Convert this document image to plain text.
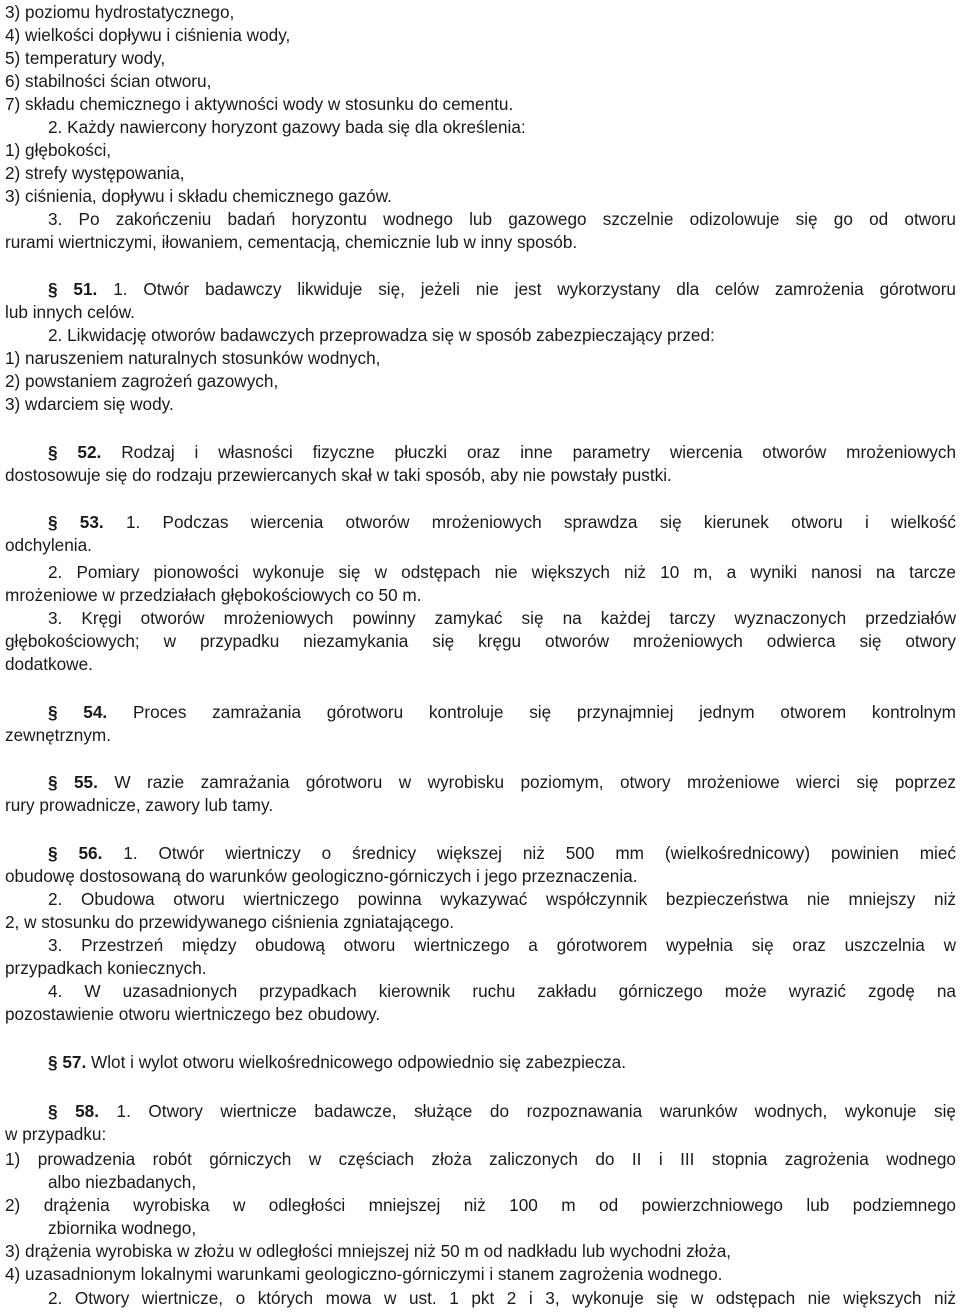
3) poziomu hydrostatycznego,
4) wielkości dopływu i ciśnienia wody,
5) temperatury wody,
6) stabilności ścian otworu,
7) składu chemicznego i aktywności wody w stosunku do cementu.
2. Każdy nawiercony horyzont gazowy bada się dla określenia:
1) głębokości,
2) strefy występowania,
3) ciśnienia, dopływu i składu chemicznego gazów.
3. Po zakończeniu badań horyzontu wodnego lub gazowego szczelnie odizolowuje się go od otworu
rurami wiertniczymi, iłowaniem, cementacją, chemicznie lub w inny sposób.
§ 51. 1. Otwór badawczy likwiduje się, jeżeli nie jest wykorzystany dla celów zamrożenia górotworu
lub innych celów.
2. Likwidację otworów badawczych przeprowadza się w sposób zabezpieczający przed:
1) naruszeniem naturalnych stosunków wodnych,
2) powstaniem zagrożeń gazowych,
3) wdarciem się wody.
§ 52. Rodzaj i własności fizyczne płuczki oraz inne parametry wiercenia otworów mrożeniowych
dostosowuje się do rodzaju przewiercanych skał w taki sposób, aby nie powstały pustki.
§ 53. 1. Podczas wiercenia otworów mrożeniowych sprawdza się kierunek otworu i wielkość
odchylenia.
2. Pomiary pionowości wykonuje się w odstępach nie większych niż 10 m, a wyniki nanosi na tarcze
mrożeniowe w przedziałach głębokościowych co 50 m.
3. Kręgi otworów mrożeniowych powinny zamykać się na każdej tarczy wyznaczonych przedziałów
głębokościowych; w przypadku niezamykania się kręgu otworów mrożeniowych odwierca się otwory
dodatkowe.
§ 54. Proces zamrażania górotworu kontroluje się przynajmniej jednym otworem kontrolnym
zewnętrznym.
§ 55. W razie zamrażania górotworu w wyrobisku poziomym, otwory mrożeniowe wierci się poprzez
rury prowadnicze, zawory lub tamy.
§ 56. 1. Otwór wiertniczy o średnicy większej niż 500 mm (wielkośrednicowy) powinien mieć
obudowę dostosowaną do warunków geologiczno-górniczych i jego przeznaczenia.
2. Obudowa otworu wiertniczego powinna wykazywać współczynnik bezpieczeństwa nie mniejszy niż
2, w stosunku do przewidywanego ciśnienia zgniatającego.
3. Przestrzeń między obudową otworu wiertniczego a górotworem wypełnia się oraz uszczelnia w
przypadkach koniecznych.
4. W uzasadnionych przypadkach kierownik ruchu zakładu górniczego może wyrazić zgodę na
pozostawienie otworu wiertniczego bez obudowy.
§ 57. Wlot i wylot otworu wielkośrednicowego odpowiednio się zabezpiecza.
§ 58. 1. Otwory wiertnicze badawcze, służące do rozpoznawania warunków wodnych, wykonuje się
w przypadku:
1) prowadzenia robót górniczych w częściach złoża zaliczonych do II i III stopnia zagrożenia wodnego
albo niezbadanych,
2) drążenia wyrobiska w odległości mniejszej niż 100 m od powierzchniowego lub podziemnego
zbiornika wodnego,
3) drążenia wyrobiska w złożu w odległości mniejszej niż 50 m od nadkładu lub wychodni złoża,
4) uzasadnionym lokalnymi warunkami geologiczno-górniczymi i stanem zagrożenia wodnego.
2. Otwory wiertnicze, o których mowa w ust. 1 pkt 2 i 3, wykonuje się w odstępach nie większych niż
